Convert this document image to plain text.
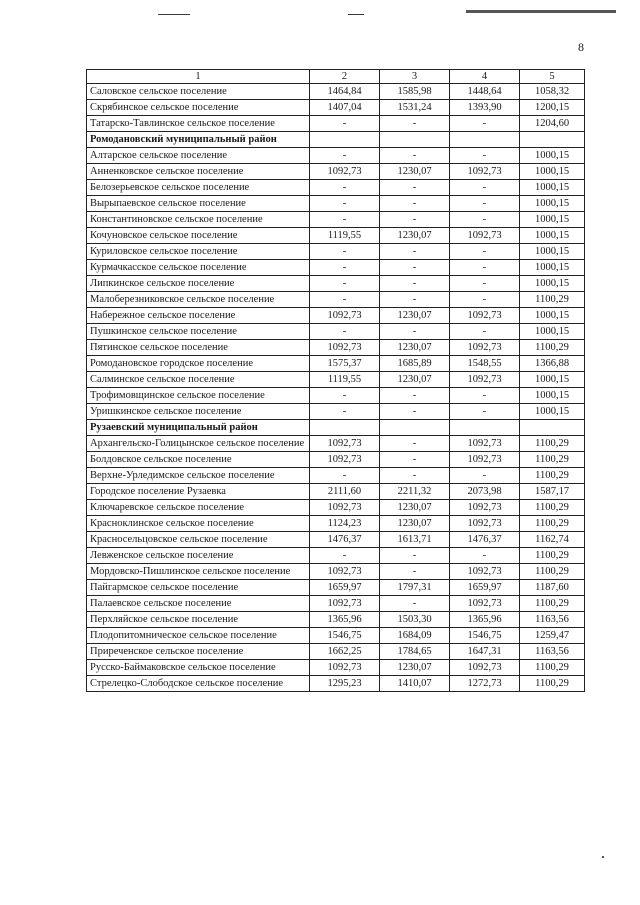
8
1	2	3	4	5
Саловское сельское поселение	1464,84	1585,98	1448,64	1058,32
Скрябинское сельское поселение	1407,04	1531,24	1393,90	1200,15
Татарско-Тавлинское сельское поселение	-	-	-	1204,60
Ромодановский муниципальный район				
Алтарское сельское поселение	-	-	-	1000,15
Анненковское сельское поселение	1092,73	1230,07	1092,73	1000,15
Белозерьевское сельское поселение	-	-	-	1000,15
Вырыпаевское сельское поселение	-	-	-	1000,15
Константиновское сельское поселение	-	-	-	1000,15
Кочуновское сельское поселение	1119,55	1230,07	1092,73	1000,15
Куриловское сельское поселение	-	-	-	1000,15
Курмачкасское сельское поселение	-	-	-	1000,15
Липкинское сельское поселение	-	-	-	1000,15
Малоберезниковское сельское поселение	-	-	-	1100,29
Набережное сельское поселение	1092,73	1230,07	1092,73	1000,15
Пушкинское сельское поселение	-	-	-	1000,15
Пятинское сельское поселение	1092,73	1230,07	1092,73	1100,29
Ромодановское городское поселение	1575,37	1685,89	1548,55	1366,88
Салминское сельское поселение	1119,55	1230,07	1092,73	1000,15
Трофимовщинское сельское поселение	-	-	-	1000,15
Уришкинское сельское поселение	-	-	-	1000,15
Рузаевский муниципальный район				
Архангельско-Голицынское сельское поселение	1092,73	-	1092,73	1100,29
Болдовское сельское поселение	1092,73	-	1092,73	1100,29
Верхне-Урледимское сельское поселение	-	-	-	1100,29
Городское поселение Рузаевка	2111,60	2211,32	2073,98	1587,17
Ключаревское сельское поселение	1092,73	1230,07	1092,73	1100,29
Красноклинское сельское поселение	1124,23	1230,07	1092,73	1100,29
Красносельцовское сельское поселение	1476,37	1613,71	1476,37	1162,74
Левженское сельское поселение	-	-	-	1100,29
Мордовско-Пишлинское сельское поселение	1092,73	-	1092,73	1100,29
Пайгармское сельское поселение	1659,97	1797,31	1659,97	1187,60
Палаевское сельское поселение	1092,73	-	1092,73	1100,29
Перхляйское сельское поселение	1365,96	1503,30	1365,96	1163,56
Плодопитомническое сельское поселение	1546,75	1684,09	1546,75	1259,47
Приреченское сельское поселение	1662,25	1784,65	1647,31	1163,56
Русско-Баймаковское сельское поселение	1092,73	1230,07	1092,73	1100,29
Стрелецко-Слободское сельское поселение	1295,23	1410,07	1272,73	1100,29
